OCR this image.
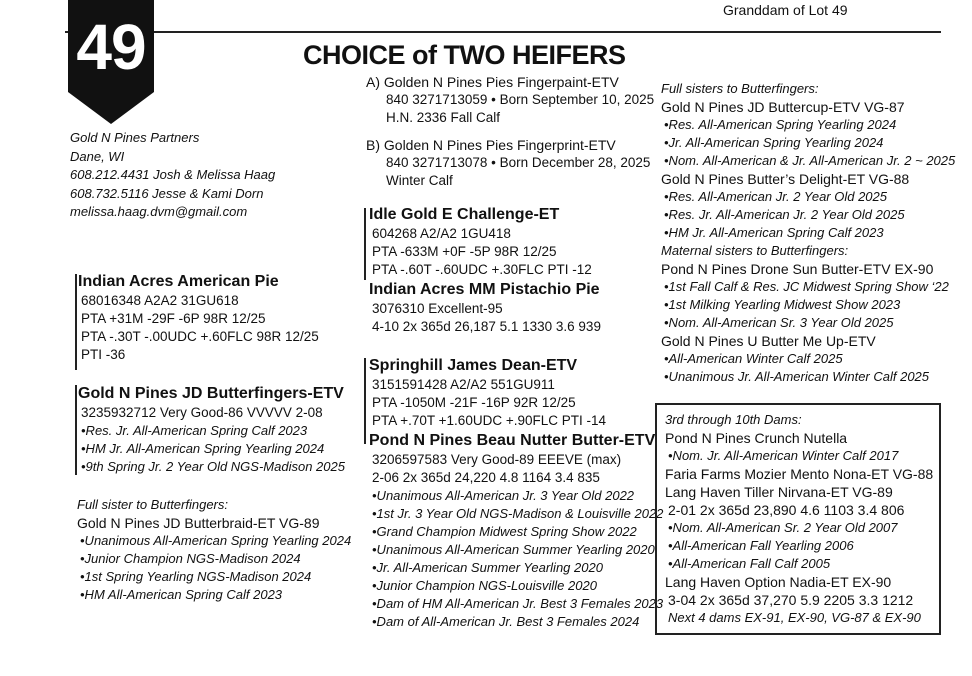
Granddam of Lot 49
49	CHOICE of TWO HEIFERS
Gold N Pines Partners
Dane, WI
608.212.4431 Josh & Melissa Haag
608.732.5116 Jesse & Kami Dorn
melissa.haag.dvm@gmail.com
A) Golden N Pines Pies Fingerpaint-ETV
840 3271713059 • Born September 10, 2025
H.N. 2336 Fall Calf
B) Golden N Pines Pies Fingerprint-ETV
840 3271713078 • Born December 28, 2025
Winter Calf
Idle Gold E Challenge-ET
604268 A2/A2 1GU418
PTA -633M +0F -5P 98R 12/25
PTA -.60T -.60UDC +.30FLC PTI -12
Indian Acres MM Pistachio Pie
3076310 Excellent-95
4-10 2x 365d 26,187 5.1 1330 3.6 939
Indian Acres American Pie
68016348 A2A2 31GU618
PTA +31M -29F -6P 98R 12/25
PTA -.30T -.00UDC +.60FLC 98R 12/25
PTI -36
Gold N Pines JD Butterfingers-ETV
3235932712 Very Good-86 VVVVV 2-08
•Res. Jr. All-American Spring Calf 2023
•HM Jr. All-American Spring Yearling 2024
•9th Spring Jr. 2 Year Old NGS-Madison 2025
Full sister to Butterfingers:
Gold N Pines JD Butterbraid-ET VG-89
•Unanimous All-American Spring Yearling 2024
•Junior Champion NGS-Madison 2024
•1st Spring Yearling NGS-Madison 2024
•HM All-American Spring Calf 2023
Springhill James Dean-ETV
3151591428 A2/A2 551GU911
PTA -1050M -21F -16P 92R 12/25
PTA +.70T +1.60UDC +.90FLC PTI -14
Pond N Pines Beau Nutter Butter-ETV
3206597583 Very Good-89 EEEVE (max)
2-06 2x 365d 24,220 4.8 1164 3.4 835
•Unanimous All-American Jr. 3 Year Old 2022
•1st Jr. 3 Year Old NGS-Madison & Louisville 2022
•Grand Champion Midwest Spring Show 2022
•Unanimous All-American Summer Yearling 2020
•Jr. All-American Summer Yearling 2020
•Junior Champion NGS-Louisville 2020
•Dam of HM All-American Jr. Best 3 Females 2023
•Dam of All-American Jr. Best 3 Females 2024
Full sisters to Butterfingers:
Gold N Pines JD Buttercup-ETV VG-87
•Res. All-American Spring Yearling 2024
•Jr. All-American Spring Yearling 2024
•Nom. All-American & Jr. All-American Jr. 2 ~ 2025
Gold N Pines Butter’s Delight-ET VG-88
•Res. All-American Jr. 2 Year Old 2025
•Res. Jr. All-American Jr. 2 Year Old 2025
•HM Jr. All-American Spring Calf 2023
Maternal sisters to Butterfingers:
Pond N Pines Drone Sun Butter-ETV EX-90
•1st Fall Calf & Res. JC Midwest Spring Show ‘22
•1st Milking Yearling Midwest Show 2023
•Nom. All-American Sr. 3 Year Old 2025
Gold N Pines U Butter Me Up-ETV
•All-American Winter Calf 2025
•Unanimous Jr. All-American Winter Calf 2025
3rd through 10th Dams:
Pond N Pines Crunch Nutella
•Nom. Jr. All-American Winter Calf 2017
Faria Farms Mozier Mento Nona-ET VG-88
Lang Haven Tiller Nirvana-ET VG-89
2-01 2x 365d 23,890 4.6 1103 3.4 806
•Nom. All-American Sr. 2 Year Old 2007
•All-American Fall Yearling 2006
•All-American Fall Calf 2005
Lang Haven Option Nadia-ET EX-90
3-04 2x 365d 37,270 5.9 2205 3.3 1212
Next 4 dams EX-91, EX-90, VG-87 & EX-90
